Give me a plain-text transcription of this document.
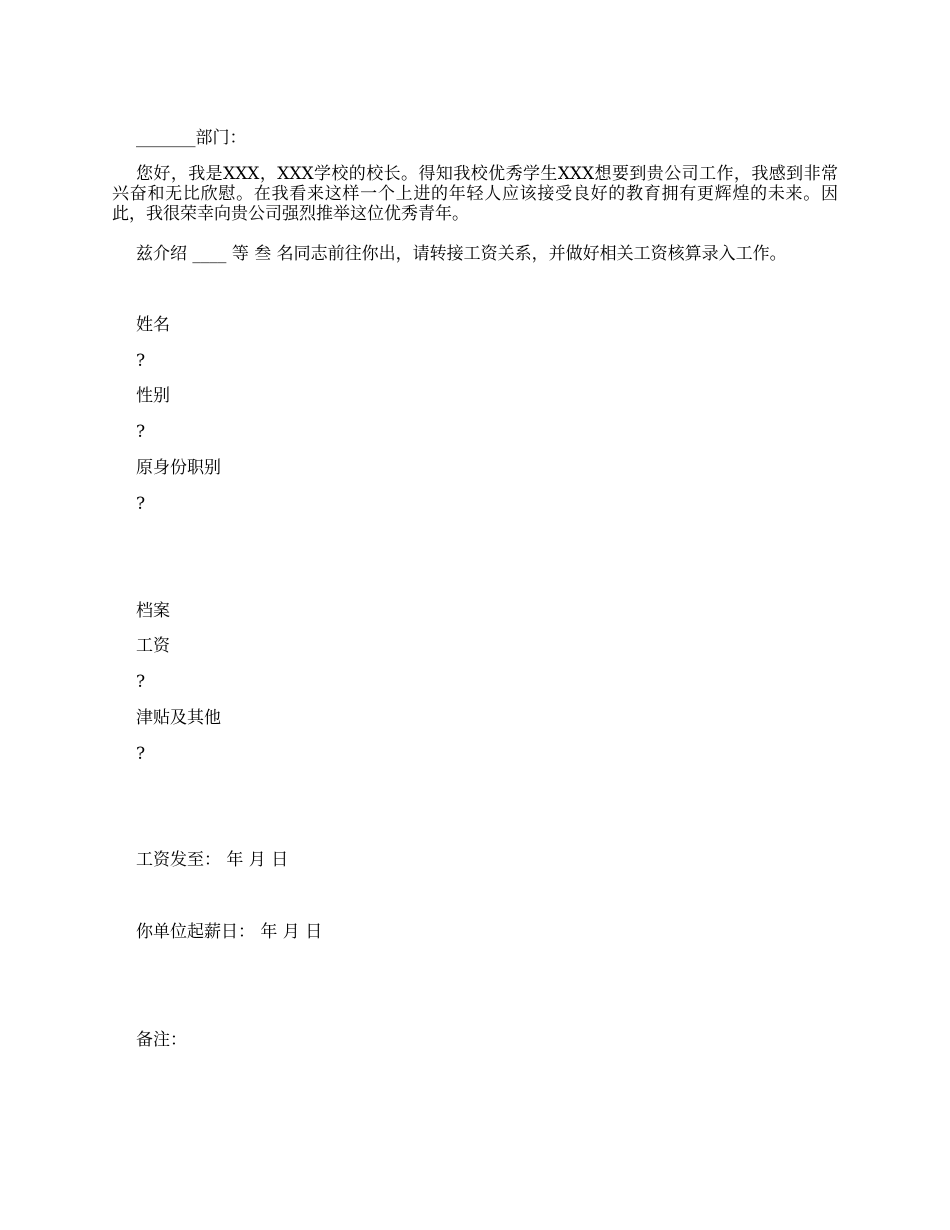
_______部门：

您好，我是XXX，XXX学校的校长。得知我校优秀学生XXX想要到贵公司工作，我感到非常兴奋和无比欣慰。在我看来这样一个上进的年轻人应该接受良好的教育拥有更辉煌的未来。因此，我很荣幸向贵公司强烈推举这位优秀青年。

兹介绍 ____ 等 叁 名同志前往你出，请转接工资关系，并做好相关工资核算录入工作。

姓名

?

性别

?

原身份职别

?

档案

工资

?

津贴及其他

?

工资发至： 年 月 日

你单位起薪日： 年 月 日

备注：
